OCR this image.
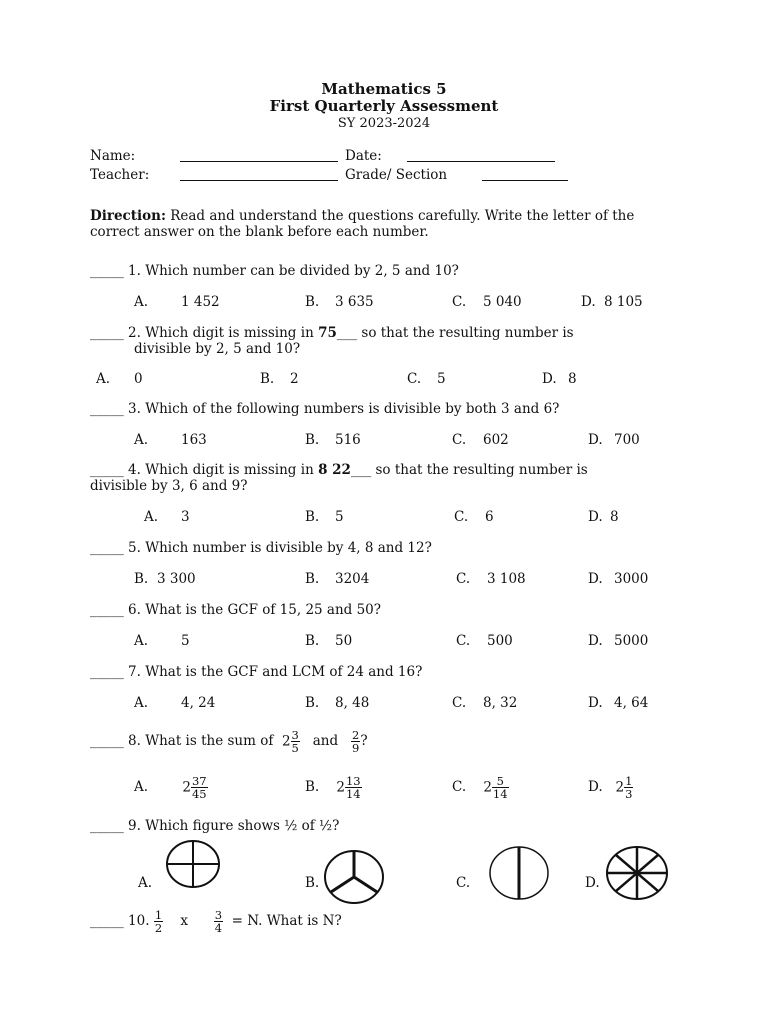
Mathematics 5
First Quarterly Assessment
SY 2023-2024
Name:	Date:
Teacher:	Grade/ Section
Direction: Read and understand the questions carefully. Write the letter of the
correct answer on the blank before each number.
_____ 1. Which number can be divided by 2, 5 and 10?
A. 1 452	B. 3 635	C. 5 040	D. 8 105
_____ 2. Which digit is missing in 75___ so that the resulting number is
divisible by 2, 5 and 10?
A. 0	B. 2	C. 5	D. 8
_____ 3. Which of the following numbers is divisible by both 3 and 6?
A. 163	B. 516	C. 602	D. 700
_____ 4. Which digit is missing in 8 22___ so that the resulting number is
divisible by 3, 6 and 9?
A. 3	B. 5	C. 6	D. 8
_____ 5. Which number is divisible by 4, 8 and 12?
B. 3 300	B. 3204	C. 3 108	D. 3000
_____ 6. What is the GCF of 15, 25 and 50?
A. 5	B. 50	C. 500	D. 5000
_____ 7. What is the GCF and LCM of 24 and 16?
A. 4, 24	B. 8, 48	C. 8, 32	D. 4, 64
_____ 8. What is the sum of $2 \frac{3}{5}$ and $\frac{2}{9}$ ?
A.	$2 \frac{37}{45}$	B. $2 \frac{13}{14}$	C. $2 \frac{5}{14}$	D. $2 \frac{1}{3}$
_____ 9. Which figure shows ½ of ½?
A.	B.	C.	D.
_____ 10. $\frac{1}{2}$ x $\frac{3}{4} = N$. What is N?
